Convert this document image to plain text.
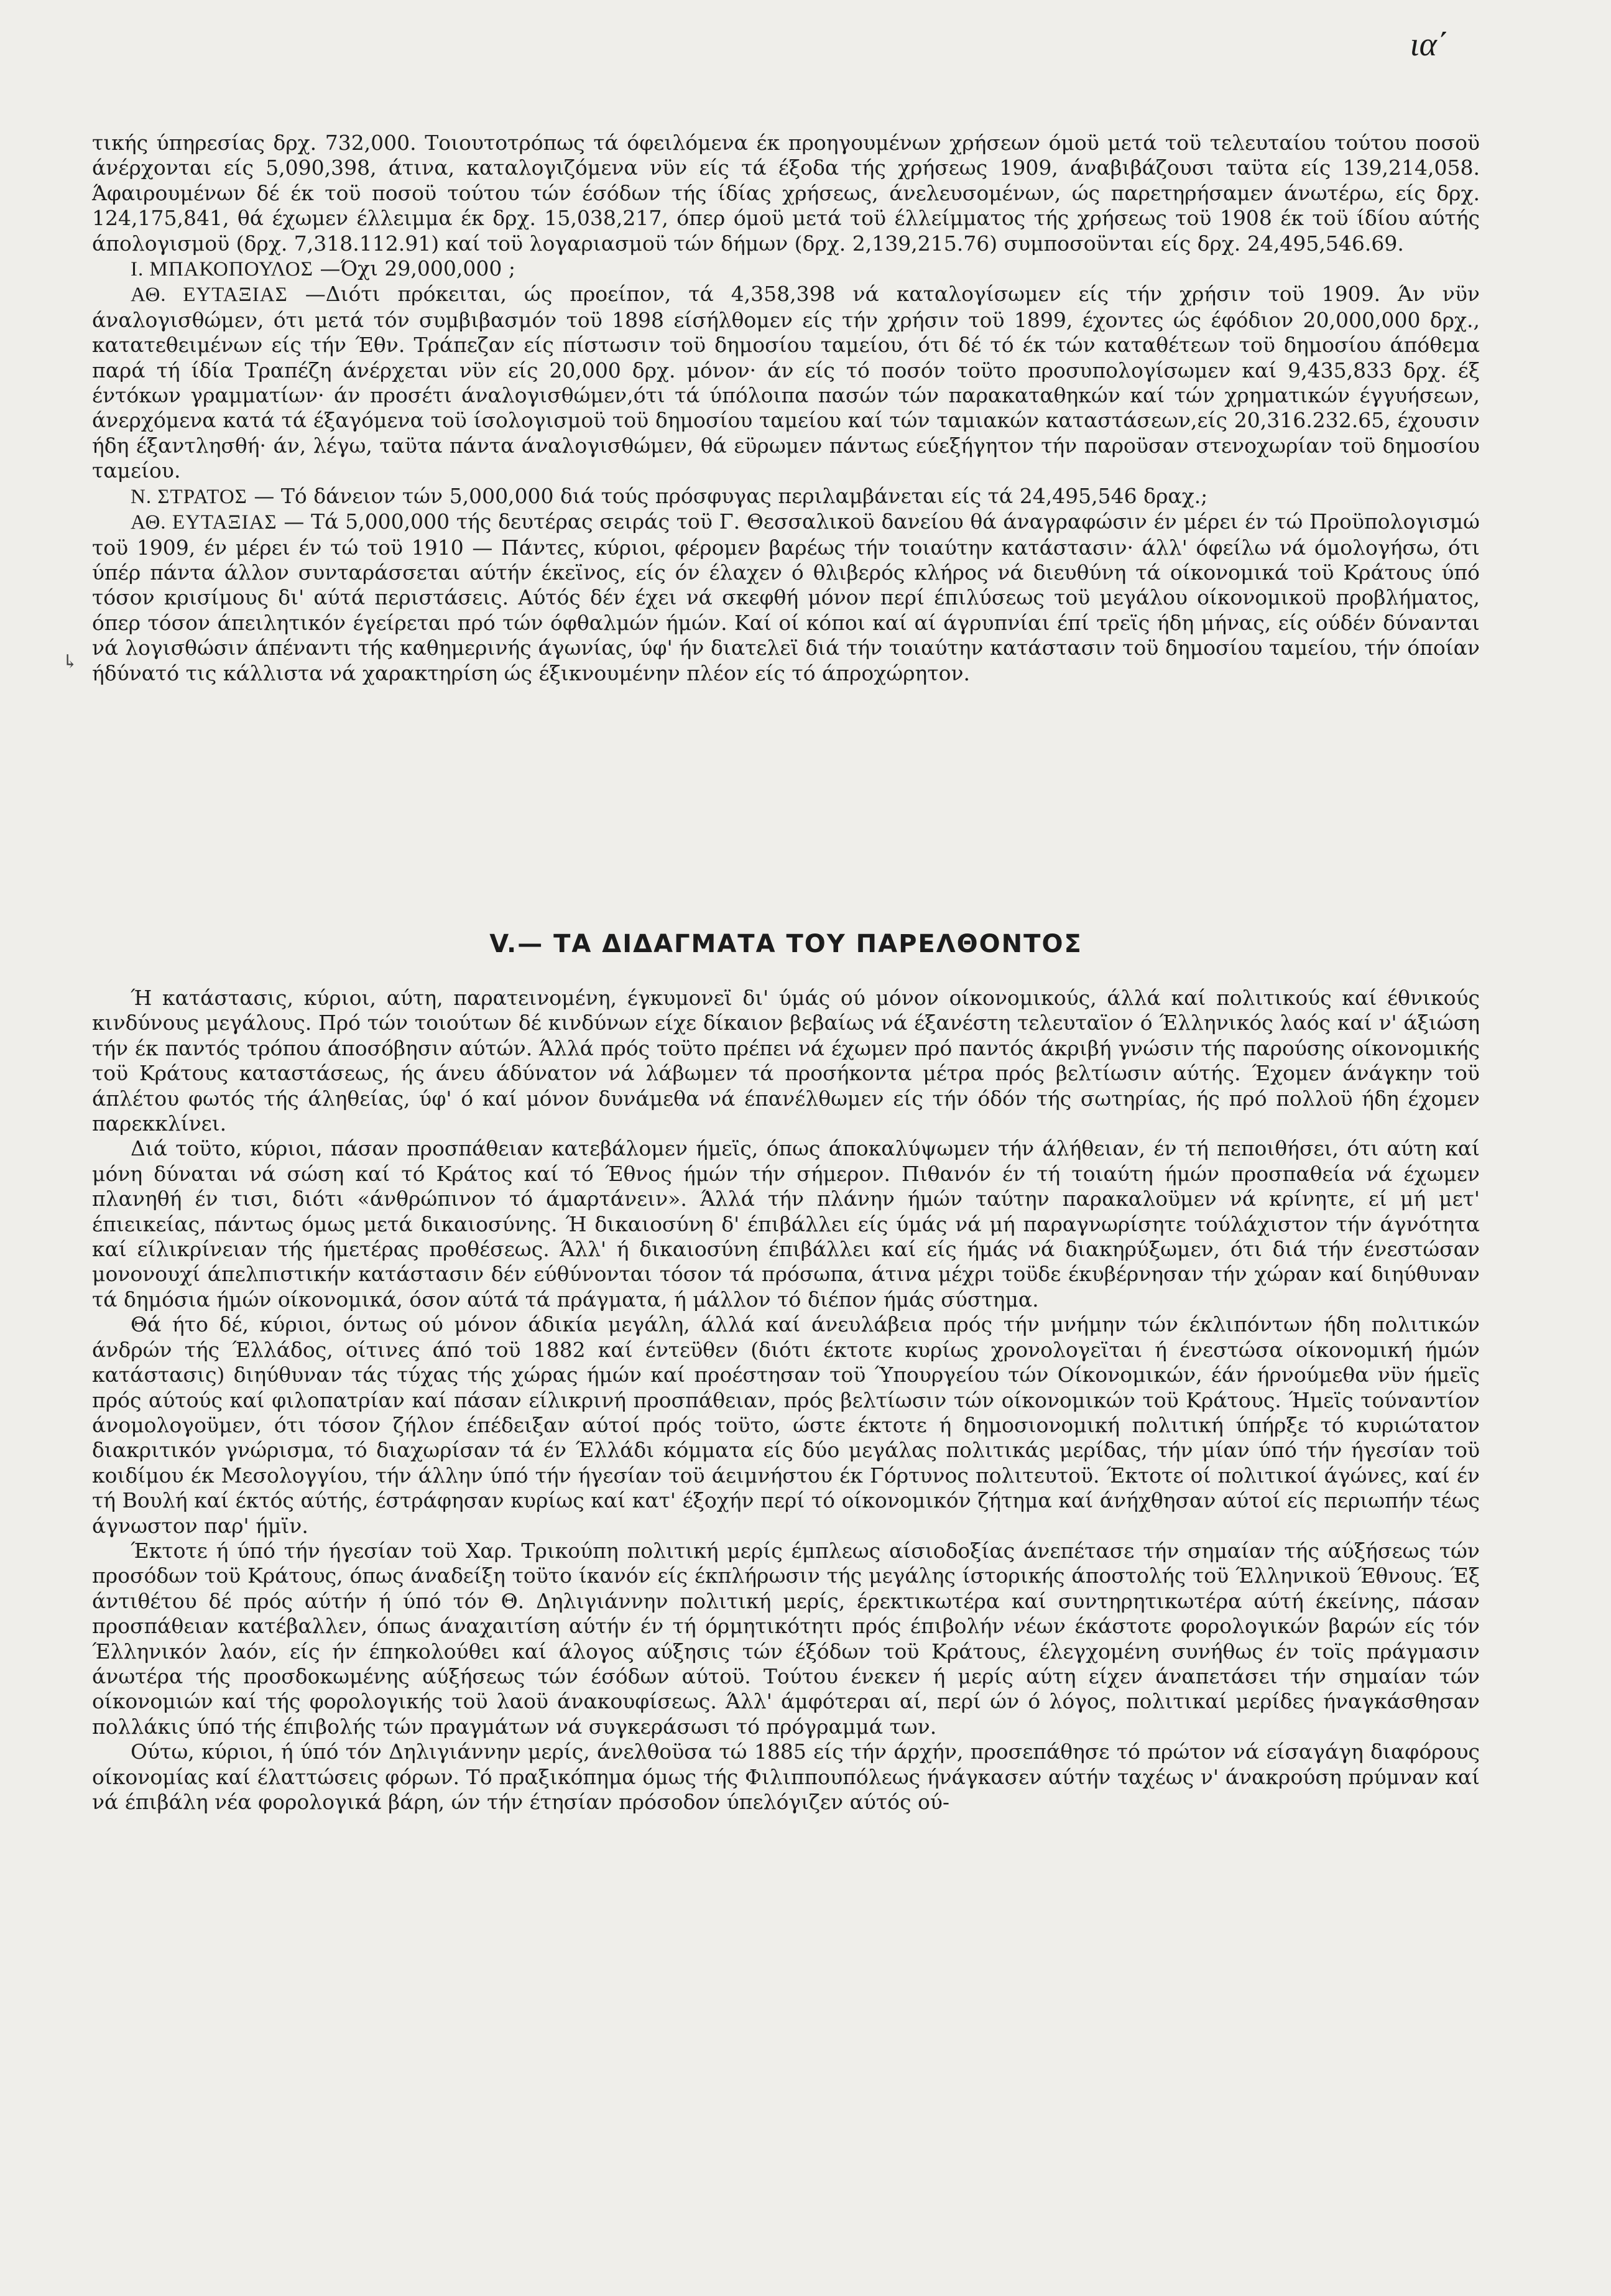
ια΄
↳

τικής ύπηρεσίας δρχ. 732,000. Τοιουτοτρόπως τά όφειλόμενα έκ προηγουμένων χρήσεων όμοϋ μετά τοϋ τελευταίου τούτου ποσοϋ άνέρχονται είς 5,090,398, άτινα, καταλογιζόμενα νϋν είς τά έξοδα τής χρήσεως 1909, άναβιβάζουσι ταϋτα είς 139,214,058. Άφαιρουμένων δέ έκ τοϋ ποσοϋ τούτου τών έσόδων τής ίδίας χρήσεως, άνελευσομένων, ώς παρετηρήσαμεν άνωτέρω, είς δρχ. 124,175,841, θά έχωμεν έλλειμμα έκ δρχ. 15,038,217, όπερ όμοϋ μετά τοϋ έλλείμματος τής χρήσεως τοϋ 1908 έκ τοϋ ίδίου αύτής άπολογισμοϋ (δρχ. 7,318.112.91) καί τοϋ λογαριασμοϋ τών δήμων (δρχ. 2,139,215.76) συμποσοϋνται είς δρχ. 24,495,546.69.

Ι. ΜΠΑΚΟΠΟΥΛΟΣ —Όχι 29,000,000 ;

ΑΘ. ΕΥΤΑΞΙΑΣ —Διότι πρόκειται, ώς προείπον, τά 4,358,398 νά καταλογίσωμεν είς τήν χρήσιν τοϋ 1909. Άν νϋν άναλογισθώμεν, ότι μετά τόν συμβιβασμόν τοϋ 1898 είσήλθομεν είς τήν χρήσιν τοϋ 1899, έχοντες ώς έφόδιον 20,000,000 δρχ., κατατεθειμένων είς τήν Έθν. Τράπεζαν είς πίστωσιν τοϋ δημοσίου ταμείου, ότι δέ τό έκ τών καταθέτεων τοϋ δημοσίου άπόθεμα παρά τή ίδία Τραπέζη άνέρχεται νϋν είς 20,000 δρχ. μόνον· άν είς τό ποσόν τοϋτο προσυπολογίσωμεν καί 9,435,833 δρχ. έξ έντόκων γραμματίων· άν προσέτι άναλογισθώμεν,ότι τά ύπόλοιπα πασών τών παρακαταθηκών καί τών χρηματικών έγγυήσεων, άνερχόμενα κατά τά έξαγόμενα τοϋ ίσολογισμοϋ τοϋ δημοσίου ταμείου καί τών ταμιακών καταστάσεων,είς 20,316.232.65, έχουσιν ήδη έξαντλησθή· άν, λέγω, ταϋτα πάντα άναλογισθώμεν, θά εϋρωμεν πάντως εύεξήγητον τήν παροϋσαν στενοχωρίαν τοϋ δημοσίου ταμείου.

Ν. ΣΤΡΑΤΟΣ — Τό δάνειον τών 5,000,000 διά τούς πρόσφυγας περιλαμβάνεται είς τά 24,495,546 δραχ.;

ΑΘ. ΕΥΤΑΞΙΑΣ — Τά 5,000,000 τής δευτέρας σειράς τοϋ Γ. Θεσσαλικοϋ δανείου θά άναγραφώσιν έν μέρει έν τώ Προϋπολογισμώ τοϋ 1909, έν μέρει έν τώ τοϋ 1910 — Πάντες, κύριοι, φέρομεν βαρέως τήν τοιαύτην κατάστασιν· άλλ' όφείλω νά όμολογήσω, ότι ύπέρ πάντα άλλον συνταράσσεται αύτήν έκεϊνος, είς όν έλαχεν ό θλιβερός κλήρος νά διευθύνη τά οίκονομικά τοϋ Κράτους ύπό τόσον κρισίμους δι' αύτά περιστάσεις. Αύτός δέν έχει νά σκεφθή μόνον περί έπιλύσεως τοϋ μεγάλου οίκονομικοϋ προβλήματος, όπερ τόσον άπειλητικόν έγείρεται πρό τών όφθαλμών ήμών. Καί οί κόποι καί αί άγρυπνίαι έπί τρεϊς ήδη μήνας, είς ούδέν δύνανται νά λογισθώσιν άπέναντι τής καθημερινής άγωνίας, ύφ' ήν διατελεϊ διά τήν τοιαύτην κατάστασιν τοϋ δημοσίου ταμείου, τήν όποίαν ήδύνατό τις κάλλιστα νά χαρακτηρίση ώς έξικνουμένην πλέον είς τό άπροχώρητον.

V.— ΤΑ ΔΙΔΑΓΜΑΤΑ ΤΟΥ ΠΑΡΕΛΘΟΝΤΟΣ

Ή κατάστασις, κύριοι, αύτη, παρατεινομένη, έγκυμονεϊ δι' ύμάς ού μόνον οίκονομικούς, άλλά καί πολιτικούς καί έθνικούς κινδύνους μεγάλους. Πρό τών τοιούτων δέ κινδύνων είχε δίκαιον βεβαίως νά έξανέστη τελευταϊον ό Έλληνικός λαός καί ν' άξιώση τήν έκ παντός τρόπου άποσόβησιν αύτών. Άλλά πρός τοϋτο πρέπει νά έχωμεν πρό παντός άκριβή γνώσιν τής παρούσης οίκονομικής τοϋ Κράτους καταστάσεως, ής άνευ άδύνατον νά λάβωμεν τά προσήκοντα μέτρα πρός βελτίωσιν αύτής. Έχομεν άνάγκην τοϋ άπλέτου φωτός τής άληθείας, ύφ' ό καί μόνον δυνάμεθα νά έπανέλθωμεν είς τήν όδόν τής σωτηρίας, ής πρό πολλοϋ ήδη έχομεν παρεκκλίνει.

Διά τοϋτο, κύριοι, πάσαν προσπάθειαν κατεβάλομεν ήμεϊς, όπως άποκαλύψωμεν τήν άλήθειαν, έν τή πεποιθήσει, ότι αύτη καί μόνη δύναται νά σώση καί τό Κράτος καί τό Έθνος ήμών τήν σήμερον. Πιθανόν έν τή τοιαύτη ήμών προσπαθεία νά έχωμεν πλανηθή έν τισι, διότι «άνθρώπινον τό άμαρτάνειν». Άλλά τήν πλάνην ήμών ταύτην παρακαλοϋμεν νά κρίνητε, εί μή μετ' έπιεικείας, πάντως όμως μετά δικαιοσύνης. Ή δικαιοσύνη δ' έπιβάλλει είς ύμάς νά μή παραγνωρίσητε τούλάχιστον τήν άγνότητα καί είλικρίνειαν τής ήμετέρας προθέσεως. Άλλ' ή δικαιοσύνη έπιβάλλει καί είς ήμάς νά διακηρύξωμεν, ότι διά τήν ένεστώσαν μονονουχί άπελπιστικήν κατάστασιν δέν εύθύνονται τόσον τά πρόσωπα, άτινα μέχρι τοϋδε έκυβέρνησαν τήν χώραν καί διηύθυναν τά δημόσια ήμών οίκονομικά, όσον αύτά τά πράγματα, ή μάλλον τό διέπον ήμάς σύστημα.

Θά ήτο δέ, κύριοι, όντως ού μόνον άδικία μεγάλη, άλλά καί άνευλάβεια πρός τήν μνήμην τών έκλιπόντων ήδη πολιτικών άνδρών τής Έλλάδος, οίτινες άπό τοϋ 1882 καί έντεϋθεν (διότι έκτοτε κυρίως χρονολογεϊται ή ένεστώσα οίκονομική ήμών κατάστασις) διηύθυναν τάς τύχας τής χώρας ήμών καί προέστησαν τοϋ Ύπουργείου τών Οίκονομικών, έάν ήρνούμεθα νϋν ήμεϊς πρός αύτούς καί φιλοπατρίαν καί πάσαν είλικρινή προσπάθειαν, πρός βελτίωσιν τών οίκονομικών τοϋ Κράτους. Ήμεϊς τούναντίον άνομολογοϋμεν, ότι τόσον ζήλον έπέδειξαν αύτοί πρός τοϋτο, ώστε έκτοτε ή δημοσιονομική πολιτική ύπήρξε τό κυριώτατον διακριτικόν γνώρισμα, τό διαχωρίσαν τά έν Έλλάδι κόμματα είς δύο μεγάλας πολιτικάς μερίδας, τήν μίαν ύπό τήν ήγεσίαν τοϋ κοιδίμου έκ Μεσολογγίου, τήν άλλην ύπό τήν ήγεσίαν τοϋ άειμνήστου έκ Γόρτυνος πολιτευτοϋ. Έκτοτε οί πολιτικοί άγώνες, καί έν τή Βουλή καί έκτός αύτής, έστράφησαν κυρίως καί κατ' έξοχήν περί τό οίκονομικόν ζήτημα καί άνήχθησαν αύτοί είς περιωπήν τέως άγνωστον παρ' ήμϊν.

Έκτοτε ή ύπό τήν ήγεσίαν τοϋ Χαρ. Τρικούπη πολιτική μερίς έμπλεως αίσιοδοξίας άνεπέτασε τήν σημαίαν τής αύξήσεως τών προσόδων τοϋ Κράτους, όπως άναδείξη τοϋτο ίκανόν είς έκπλήρωσιν τής μεγάλης ίστορικής άποστολής τοϋ Έλληνικοϋ Έθνους. Έξ άντιθέτου δέ πρός αύτήν ή ύπό τόν Θ. Δηλιγιάννην πολιτική μερίς, έρεκτικωτέρα καί συντηρητικωτέρα αύτή έκείνης, πάσαν προσπάθειαν κατέβαλλεν, όπως άναχαιτίση αύτήν έν τή όρμητικότητι πρός έπιβολήν νέων έκάστοτε φορολογικών βαρών είς τόν Έλληνικόν λαόν, είς ήν έπηκολούθει καί άλογος αύξησις τών έξόδων τοϋ Κράτους, έλεγχομένη συνήθως έν τοϊς πράγμασιν άνωτέρα τής προσδοκωμένης αύξήσεως τών έσόδων αύτοϋ. Τούτου ένεκεν ή μερίς αύτη είχεν άναπετάσει τήν σημαίαν τών οίκονομιών καί τής φορολογικής τοϋ λαοϋ άνακουφίσεως. Άλλ' άμφότεραι αί, περί ών ό λόγος, πολιτικαί μερίδες ήναγκάσθησαν πολλάκις ύπό τής έπιβολής τών πραγμάτων νά συγκεράσωσι τό πρόγραμμά των.

Ούτω, κύριοι, ή ύπό τόν Δηλιγιάννην μερίς, άνελθοϋσα τώ 1885 είς τήν άρχήν, προσεπάθησε τό πρώτον νά είσαγάγη διαφόρους οίκονομίας καί έλαττώσεις φόρων. Τό πραξικόπημα όμως τής Φιλιππουπόλεως ήνάγκασεν αύτήν ταχέως ν' άνακρούση πρύμναν καί νά έπιβάλη νέα φορολογικά βάρη, ών τήν έτησίαν πρόσοδον ύπελόγιζεν αύτός ού-
